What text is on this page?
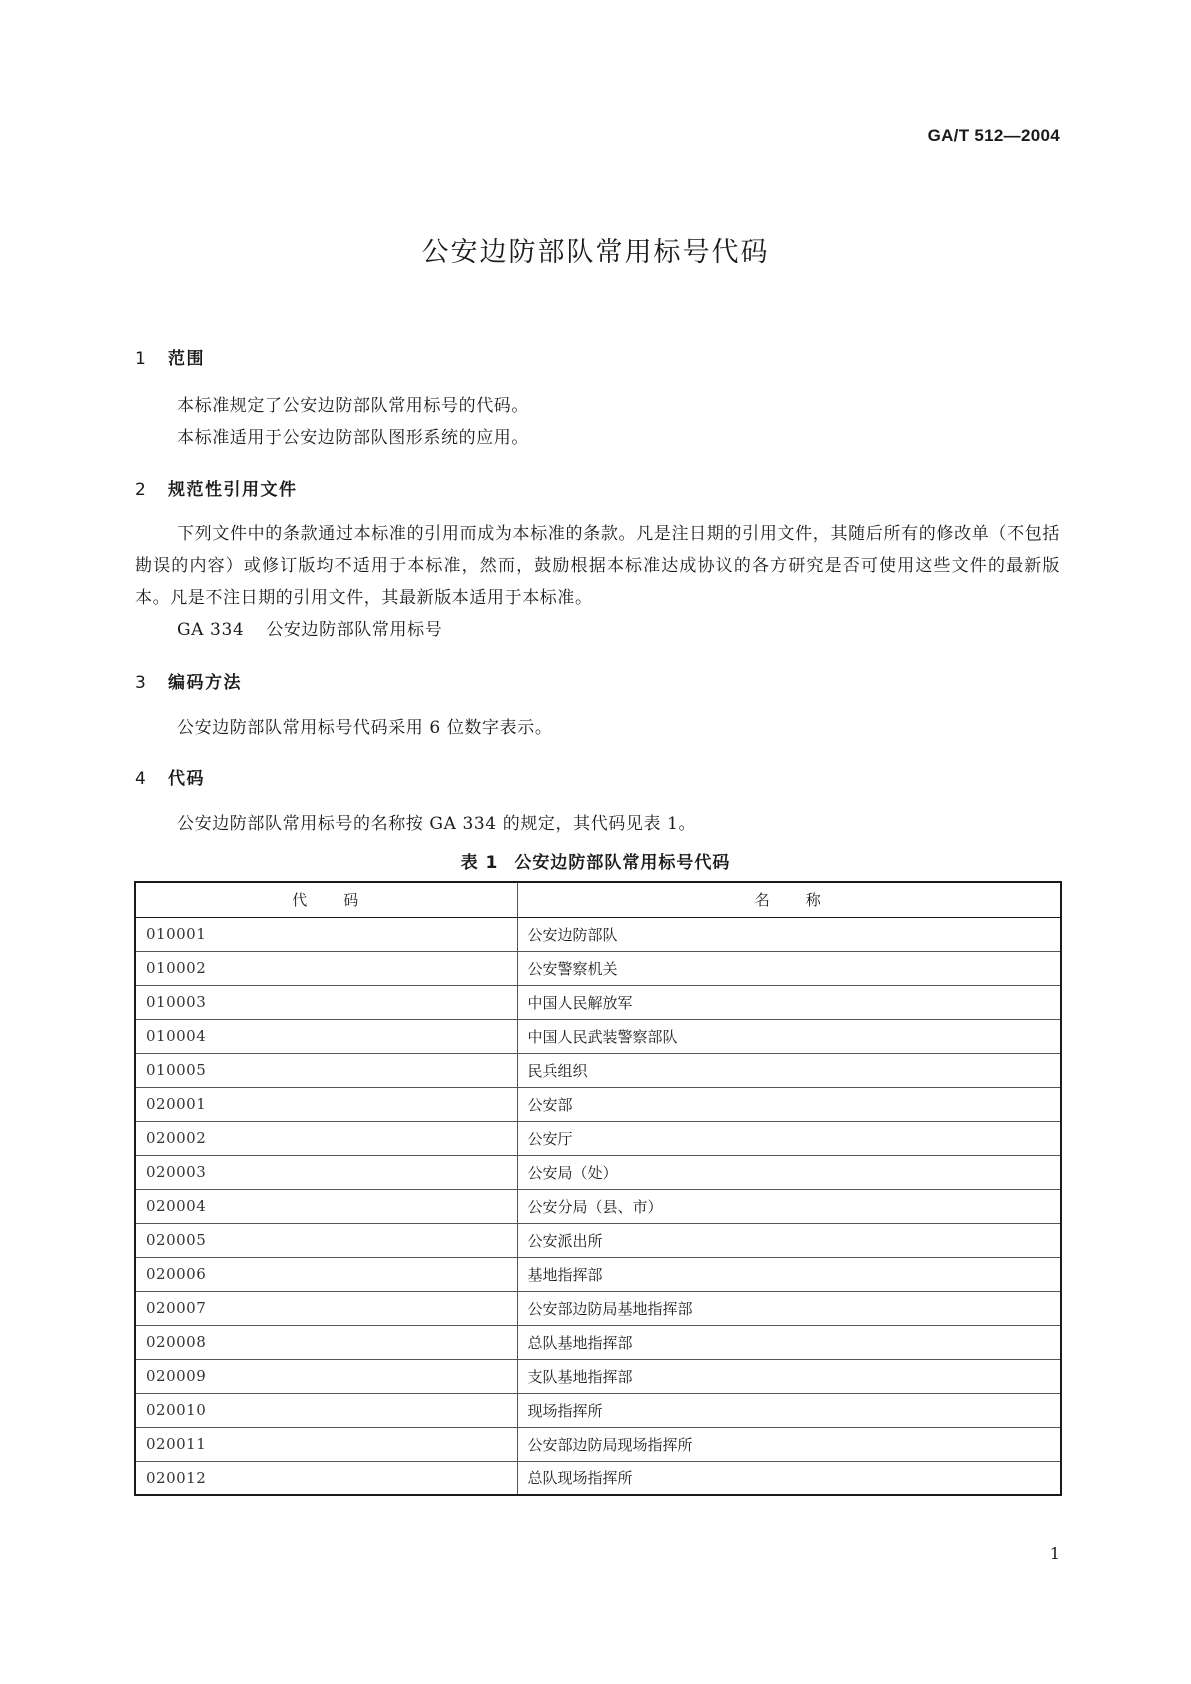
GA/T 512—2004
公安边防部队常用标号代码
1 范围

本标准规定了公安边防部队常用标号的代码。

本标准适用于公安边防部队图形系统的应用。

2 规范性引用文件

下列文件中的条款通过本标准的引用而成为本标准的条款。凡是注日期的引用文件，其随后所有的修改单（不包括勘误的内容）或修订版均不适用于本标准，然而，鼓励根据本标准达成协议的各方研究是否可使用这些文件的最新版本。凡是不注日期的引用文件，其最新版本适用于本标准。

GA 334 公安边防部队常用标号

3 编码方法

公安边防部队常用标号代码采用 6 位数字表示。

4 代码

公安边防部队常用标号的名称按 GA 334 的规定，其代码见表 1。

表 1 公安边防部队常用标号代码
代　　码	名　　称
010001	公安边防部队
010002	公安警察机关
010003	中国人民解放军
010004	中国人民武装警察部队
010005	民兵组织
020001	公安部
020002	公安厅
020003	公安局（处）
020004	公安分局（县、市）
020005	公安派出所
020006	基地指挥部
020007	公安部边防局基地指挥部
020008	总队基地指挥部
020009	支队基地指挥部
020010	现场指挥所
020011	公安部边防局现场指挥所
020012	总队现场指挥所
1
